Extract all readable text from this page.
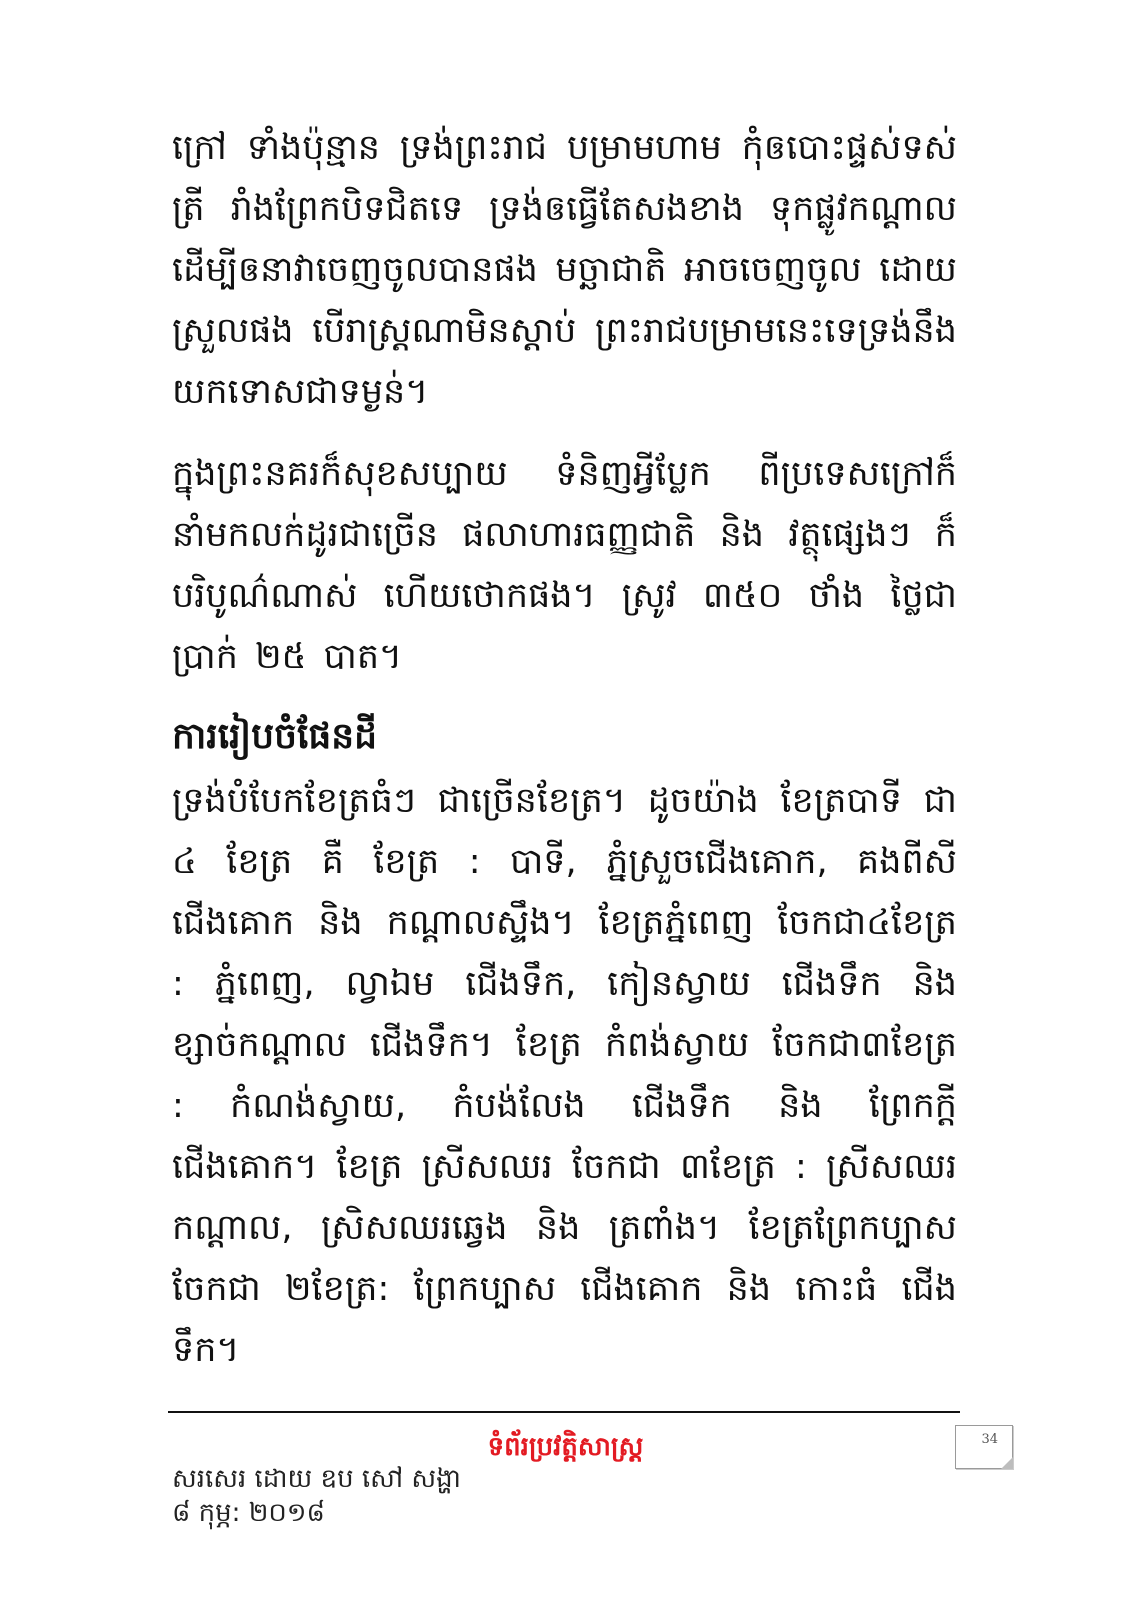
ក្រៅ ទាំងប៉ុន្មាន ទ្រង់ព្រះរាជ បម្រាមហាម កុំឲបោះផ្ទស់ទស់ត្រី រាំងព្រែកបិទជិតទេ ទ្រង់ឲធ្វើតែសងខាង ទុកផ្លូវកណ្តាល ដើម្បីឲនាវាចេញចូលបានផង មច្ឆាជាតិ អាចចេញចូល ដោយស្រួលផង បើរាស្ត្រណាមិនស្តាប់ ព្រះរាជបម្រាមនេះទេទ្រង់នឹងយកទោសជាទម្ងន់។

ក្នុងព្រះនគរក៏សុខសប្បាយ ទំនិញអ្វីប្លែក ពីប្រទេសក្រៅក៏នាំមកលក់ដូរជាច្រើន ផលាហារធញ្ញជាតិ និង វត្ថុផ្សេងៗ ក៏បរិបូណ៌ណាស់ ហើយថោកផង។ ស្រូវ ៣៥០ ថាំង ថ្លៃជាប្រាក់ ២៥ បាត។

ការរៀបចំផែនដី

ទ្រង់បំបែកខែត្រធំៗ ជាច្រើនខែត្រ។ ដូចយ៉ាង ខែត្របាទី ជា ៤ ខែត្រ គឺ ខែត្រ : បាទី, ភ្នំស្រួចជើងគោក, គងពីសី ជើងគោក និង កណ្តាលស្ទឹង។ ខែត្រភ្នំពេញ ចែកជា៤ខែត្រ : ភ្នំពេញ, ល្វាឯម ជើងទឹក, កៀនស្វាយ ជើងទឹក និង ខ្សាច់កណ្តាល ជើងទឹក។ ខែត្រ កំពង់ស្វាយ ចែកជា៣ខែត្រ : កំណង់ស្វាយ, កំបង់លែង ជើងទឹក និង ព្រែកក្តី ជើងគោក។ ខែត្រ ស្រីសឈរ ចែកជា ៣ខែត្រ : ស្រីសឈរ កណ្តាល, ស្រិសឈរឆ្វេង និង ត្រពាំង។ ខែត្រព្រែកប្បាស ចែកជា ២ខែត្រ: ព្រែកប្បាស ជើងគោក និង កោះធំ ជើងទឹក។

ទំព័រប្រវត្តិសាស្ត្រ
សរសេរ ដោយ ឧប សៅ សង្ហា
៨ កុម្ភ: ២០១៨
34
